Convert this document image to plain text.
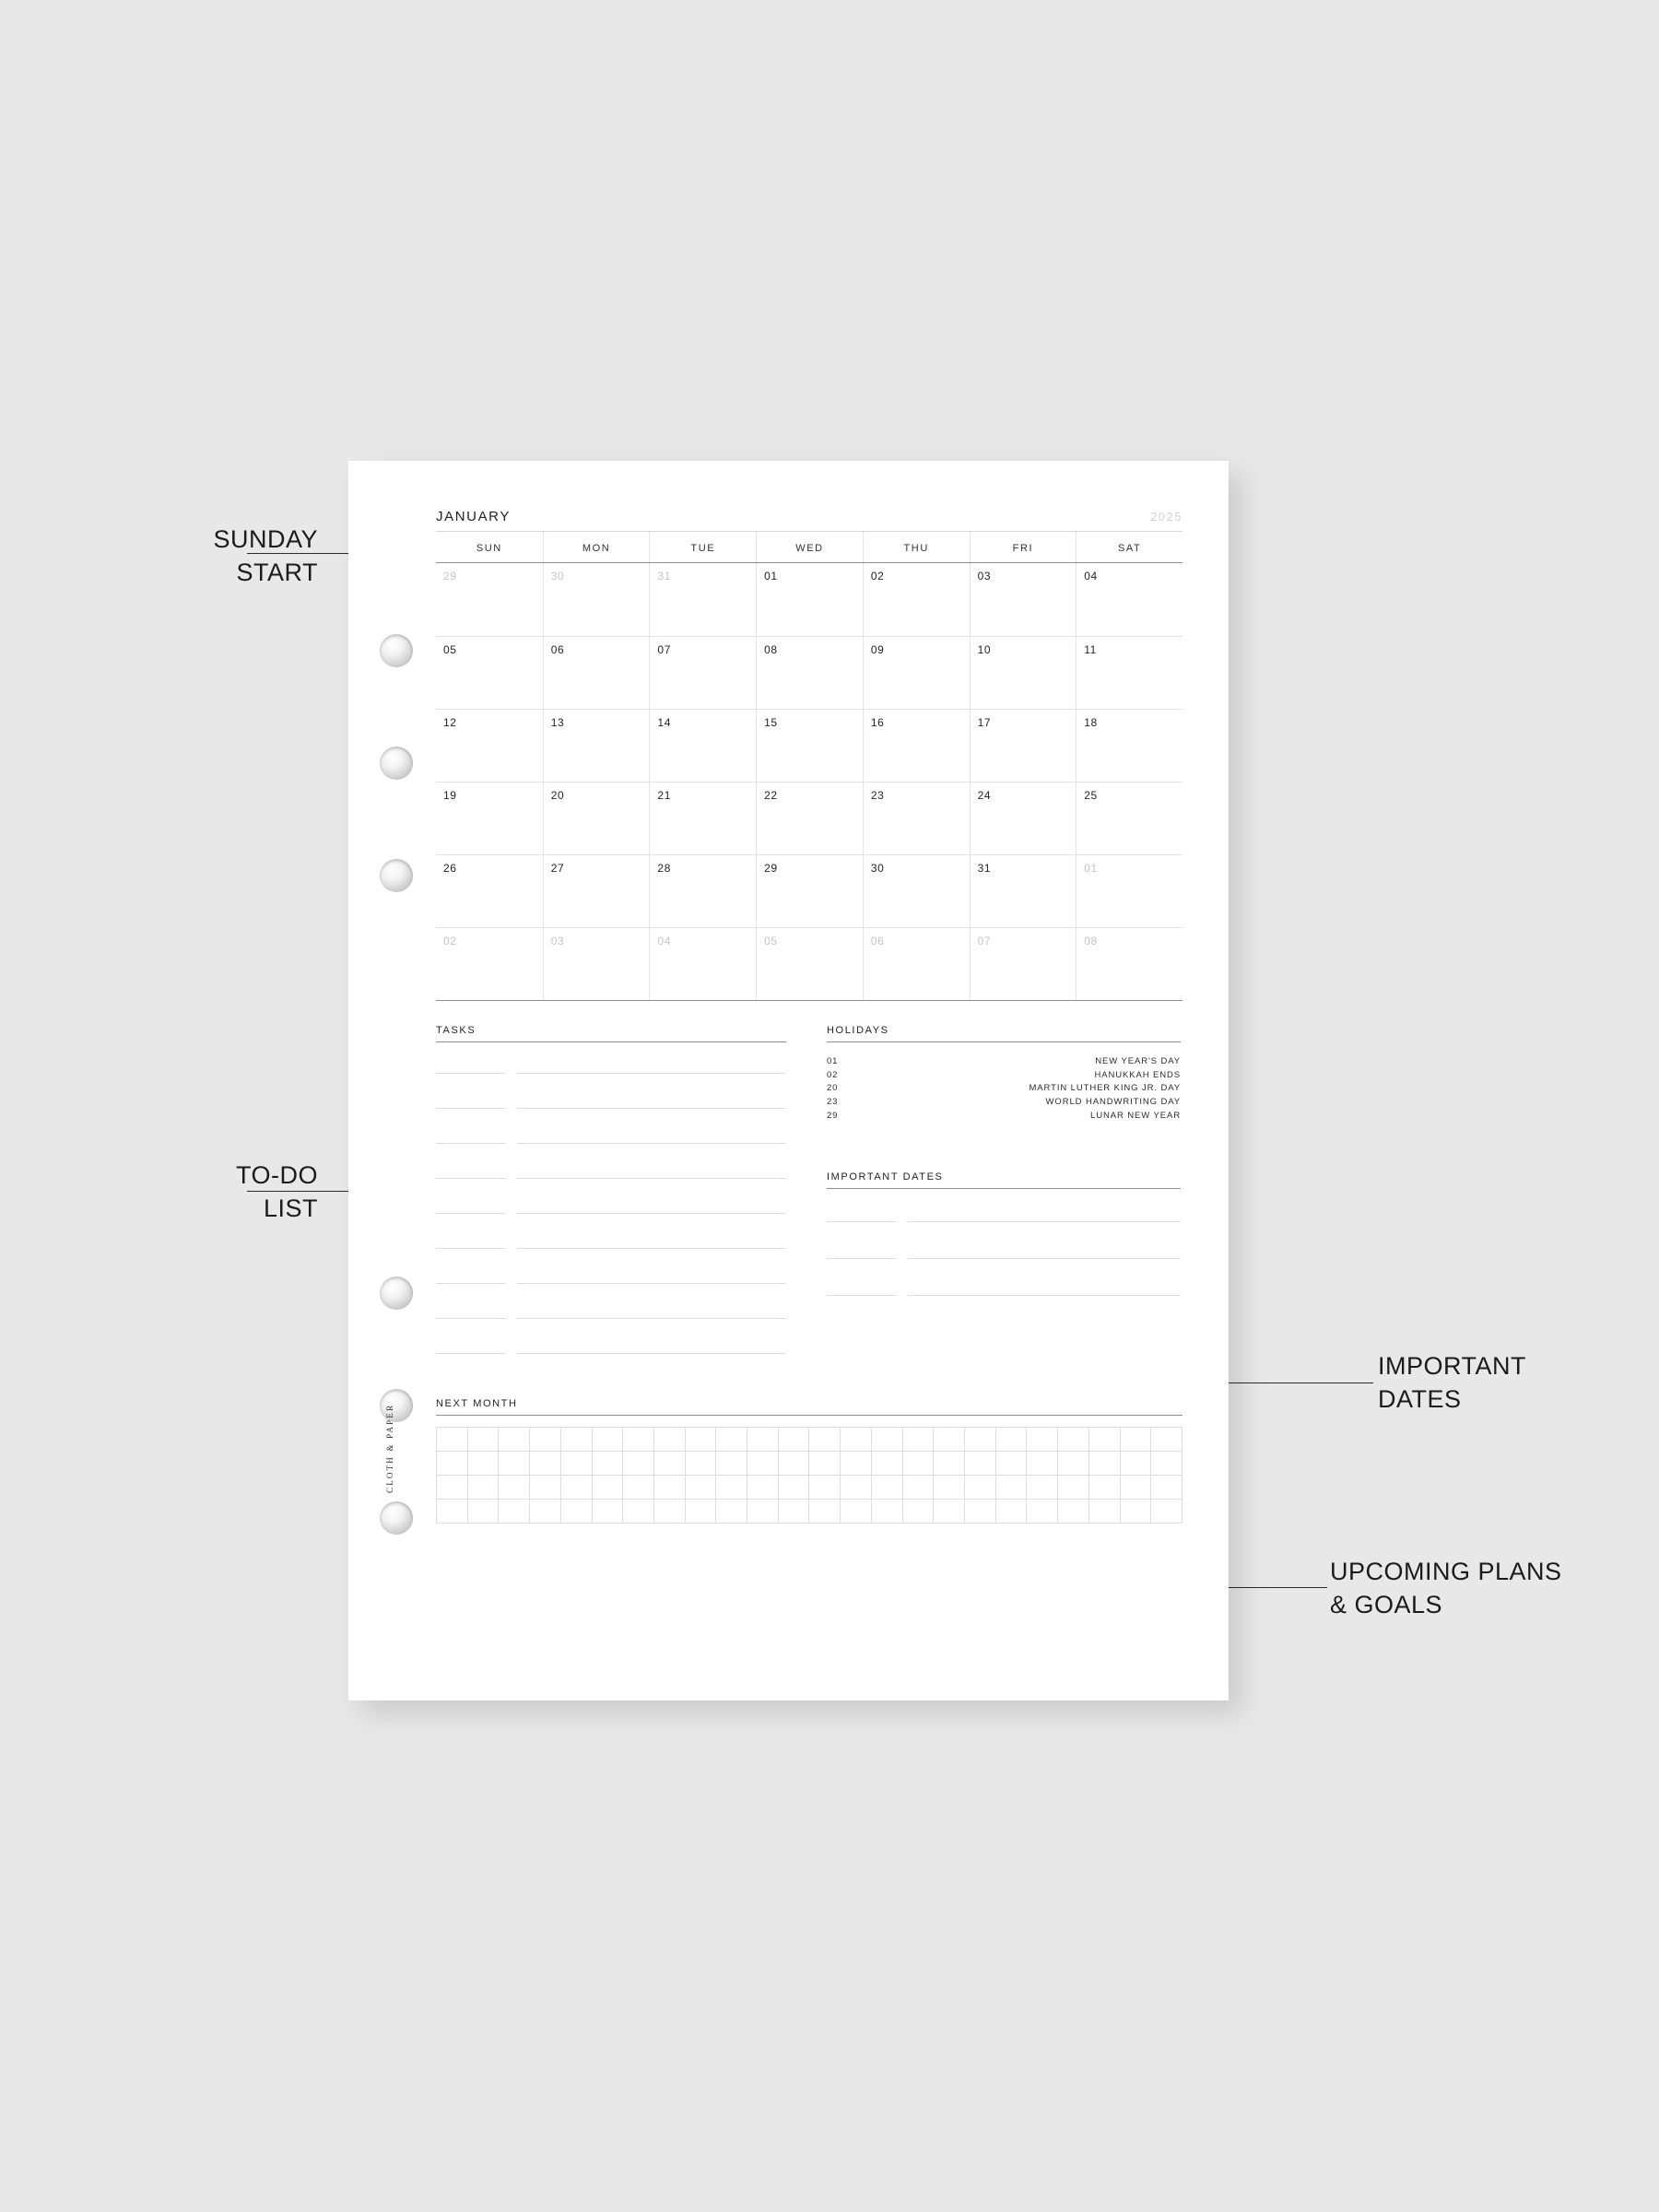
SUNDAY
START
TO-DO
LIST
IMPORTANT
DATES
UPCOMING PLANS
& GOALS
CLOTH & PAPER
JANUARY	2025
SUN	MON	TUE	WED	THU	FRI	SAT
29	30	31	01	02	03	04
05	06	07	08	09	10	11
12	13	14	15	16	17	18
19	20	21	22	23	24	25
26	27	28	29	30	31	01
02	03	04	05	06	07	08
TASKS	HOLIDAYS
01	NEW YEAR'S DAY
02	HANUKKAH ENDS
20	MARTIN LUTHER KING JR. DAY
23	WORLD HANDWRITING DAY
29	LUNAR NEW YEAR
IMPORTANT DATES
NEXT MONTH
